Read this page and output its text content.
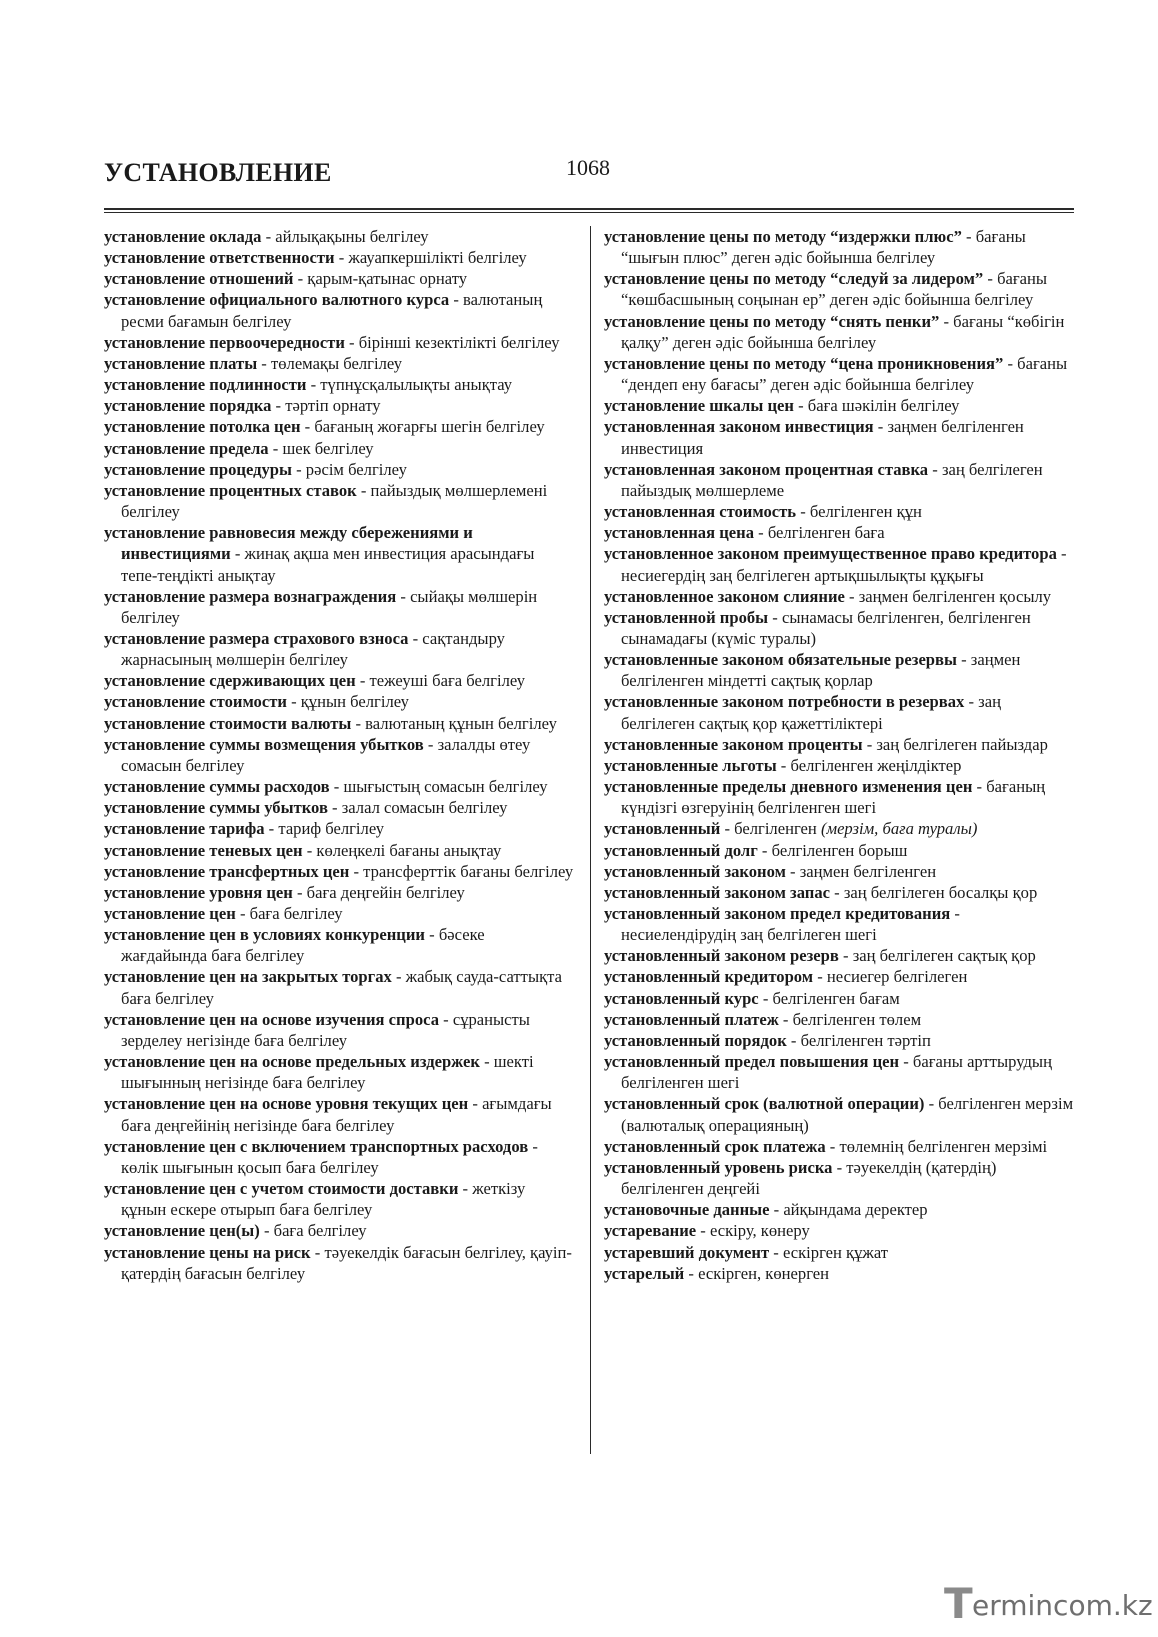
УСТАНОВЛЕНИЕ	1068

установление оклада - айлықақыны белгілеу

установление ответственности - жауапкершілікті белгілеу

установление отношений - қарым-қатынас орнату

установление официального валютного курса - валютаның ресми бағамын белгілеу

установление первоочередности - бірінші кезектілікті белгілеу

установление платы - төлемақы белгілеу

установление подлинности - түпнұсқалылықты анықтау

установление порядка - тәртіп орнату

установление потолка цен - бағаның жоғарғы шегін белгілеу

установление предела - шек белгілеу

установление процедуры - рәсім белгілеу

установление процентных ставок - пайыздық мөлшерлемені белгілеу

установление равновесия между сбережениями и инвестициями - жинақ ақша мен инвестиция арасындағы тепе-теңдікті анықтау

установление размера вознаграждения - сыйақы мөлшерін белгілеу

установление размера страхового взноса - сақтандыру жарнасының мөлшерін белгілеу

установление сдерживающих цен - тежеуші баға белгілеу

установление стоимости - құнын белгілеу

установление стоимости валюты - валютаның құнын белгілеу

установление суммы возмещения убытков - залалды өтеу сомасын белгілеу

установление суммы расходов - шығыстың сомасын белгілеу

установление суммы убытков - залал сомасын белгілеу

установление тарифа - тариф белгілеу

установление теневых цен - көлеңкелі бағаны анықтау

установление трансфертных цен - трансферттік бағаны белгілеу

установление уровня цен - баға деңгейін белгілеу

установление цен - баға белгілеу

установление цен в условиях конкуренции - бәсеке жағдайында баға белгілеу

установление цен на закрытых торгах - жабық сауда-саттықта баға белгілеу

установление цен на основе изучения спроса - сұранысты зерделеу негізінде баға белгілеу

установление цен на основе предельных издержек - шекті шығынның негізінде баға белгілеу

установление цен на основе уровня текущих цен - ағымдағы баға деңгейінің негізінде баға белгілеу

установление цен с включением транспортных расходов - көлік шығынын қосып баға белгілеу

установление цен с учетом стоимости доставки - жеткізу құнын ескере отырып баға белгілеу

установление цен(ы) - баға белгілеу

установление цены на риск - тәуекелдік бағасын белгілеу, қауіп-қатердің бағасын белгілеу

установление цены по методу “издержки плюс” - бағаны “шығын плюс” деген әдіс бойынша белгілеу

установление цены по методу “следуй за лидером” - бағаны “көшбасшының соңынан ер” деген әдіс бойынша белгілеу

установление цены по методу “снять пенки” - бағаны “көбігін қалқу” деген әдіс бойынша белгілеу

установление цены по методу “цена проникновения” - бағаны “дендеп ену бағасы” деген әдіс бойынша белгілеу

установление шкалы цен - баға шәкілін белгілеу

установленная законом инвестиция - заңмен белгіленген инвестиция

установленная законом процентная ставка - заң белгілеген пайыздық мөлшерлеме

установленная стоимость - белгіленген құн

установленная цена - белгіленген баға

установленное законом преимущественное право кредитора - несиегердің заң белгілеген артықшылықты құқығы

установленное законом слияние - заңмен белгіленген қосылу

установленной пробы - сынамасы белгіленген, белгіленген сынамадағы (күміс туралы)

установленные законом обязательные резервы - заңмен белгіленген міндетті сақтық қорлар

установленные законом потребности в резервах - заң белгілеген сақтық қор қажеттіліктері

установленные законом проценты - заң белгілеген пайыздар

установленные льготы - белгіленген жеңілдіктер

установленные пределы дневного изменения цен - бағаның күндізгі өзгеруінің белгіленген шегі

установленный - белгіленген (мерзім, баға туралы)

установленный долг - белгіленген борыш

установленный законом - заңмен белгіленген

установленный законом запас - заң белгілеген босалқы қор

установленный законом предел кредитования - несиелендірудің заң белгілеген шегі

установленный законом резерв - заң белгілеген сақтық қор

установленный кредитором - несиегер белгілеген

установленный курс - белгіленген бағам

установленный платеж - белгіленген төлем

установленный порядок - белгіленген тәртіп

установленный предел повышения цен - бағаны арттырудың белгіленген шегі

установленный срок (валютной операции) - белгіленген мерзім (валюталық операцияның)

установленный срок платежа - төлемнің белгіленген мерзімі

установленный уровень риска - тәуекелдің (қатердің) белгіленген деңгейі

установочные данные - айқындама деректер

устаревание - ескіру, көнеру

устаревший документ - ескірген құжат

устарелый - ескірген, көнерген

T ermincom.kz
